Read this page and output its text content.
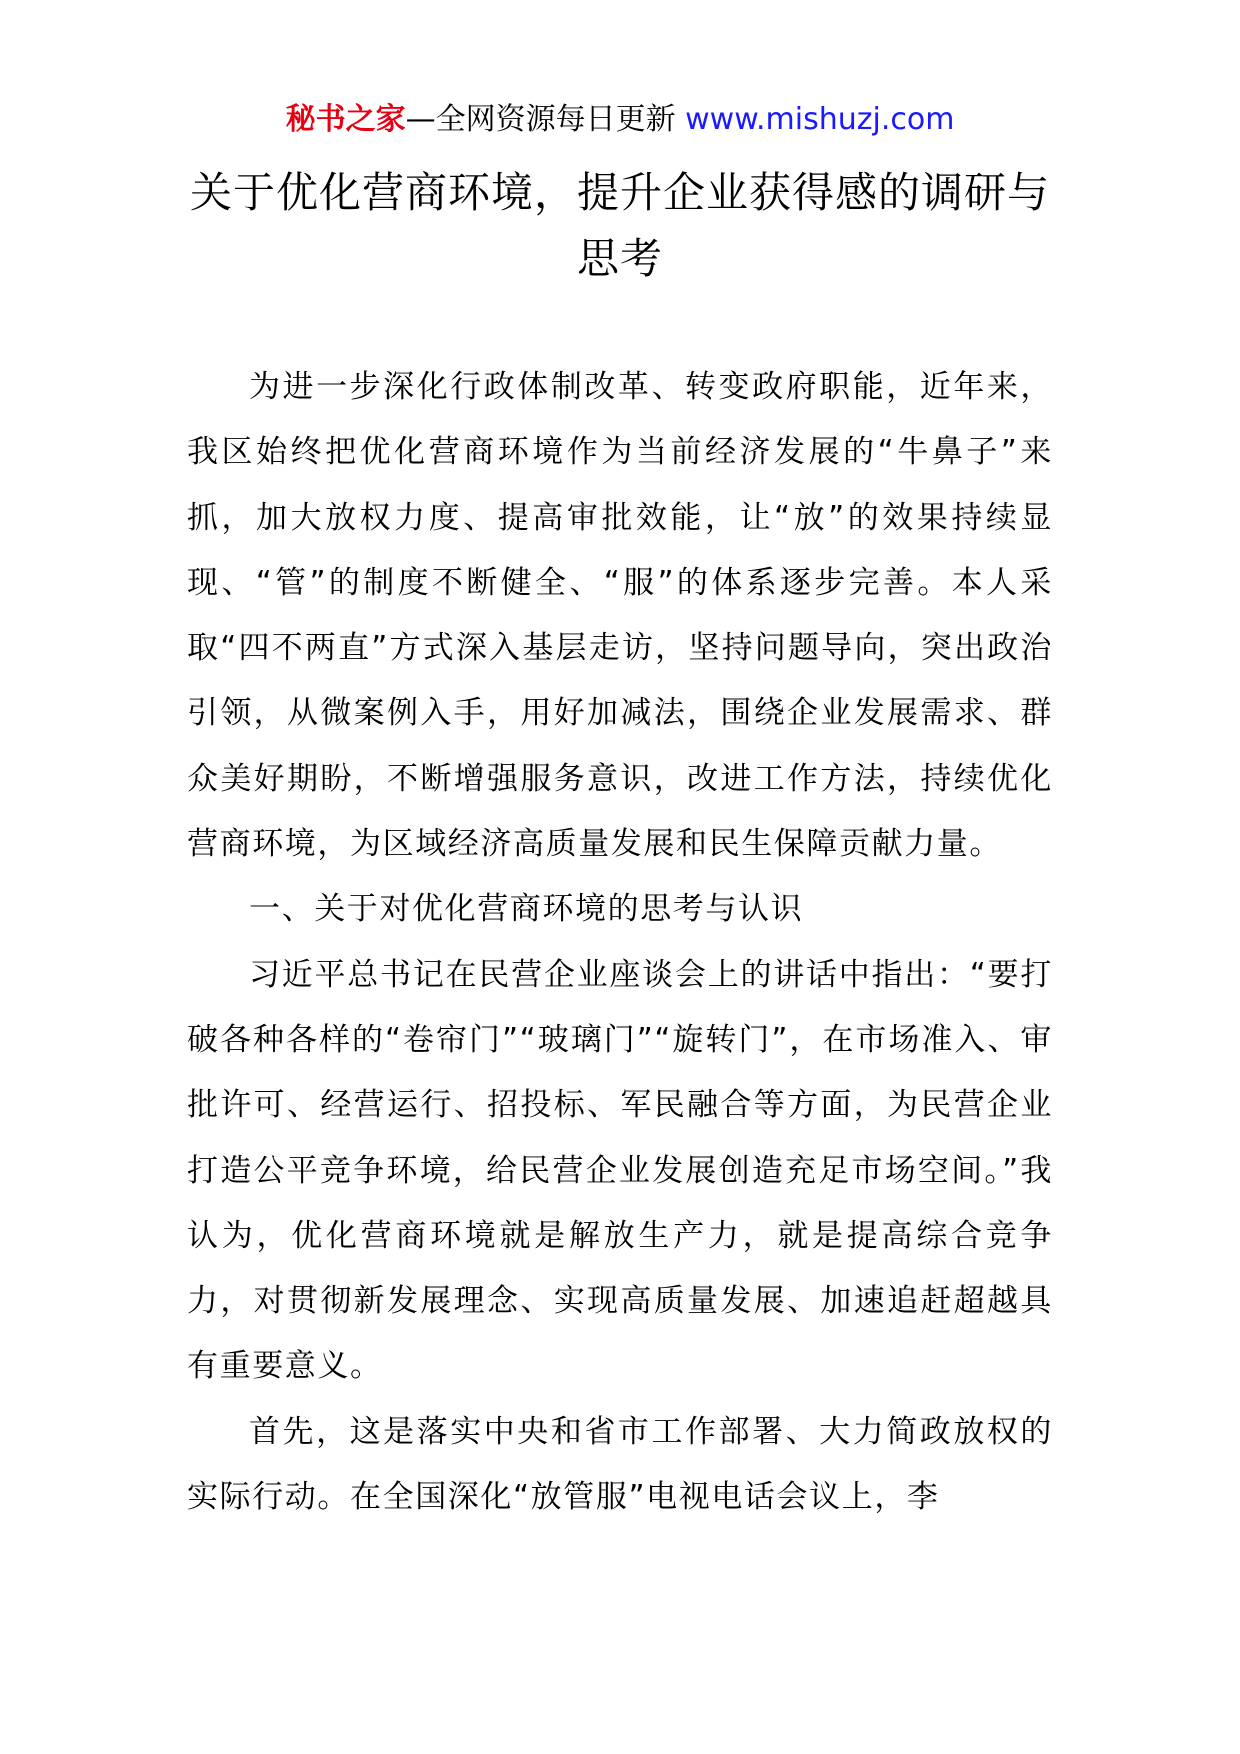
秘书之家—全网资源每日更新 www.mishuzj.com
关于优化营商环境，提升企业获得感的调研与思考

为进一步深化行政体制改革、转变政府职能，近年来，我区始终把优化营商环境作为当前经济发展的“牛鼻子”来抓，加大放权力度、提高审批效能，让“放”的效果持续显现、“管”的制度不断健全、“服”的体系逐步完善。本人采取“四不两直”方式深入基层走访，坚持问题导向，突出政治引领，从微案例入手，用好加减法，围绕企业发展需求、群众美好期盼，不断增强服务意识，改进工作方法，持续优化营商环境，为区域经济高质量发展和民生保障贡献力量。

一、关于对优化营商环境的思考与认识

习近平总书记在民营企业座谈会上的讲话中指出：“要打破各种各样的“卷帘门”“玻璃门”“旋转门”，在市场准入、审批许可、经营运行、招投标、军民融合等方面，为民营企业打造公平竞争环境，给民营企业发展创造充足市场空间。”我认为，优化营商环境就是解放生产力，就是提高综合竞争力，对贯彻新发展理念、实现高质量发展、加速追赶超越具有重要意义。

首先，这是落实中央和省市工作部署、大力简政放权的实际行动。在全国深化“放管服”电视电话会议上，李
